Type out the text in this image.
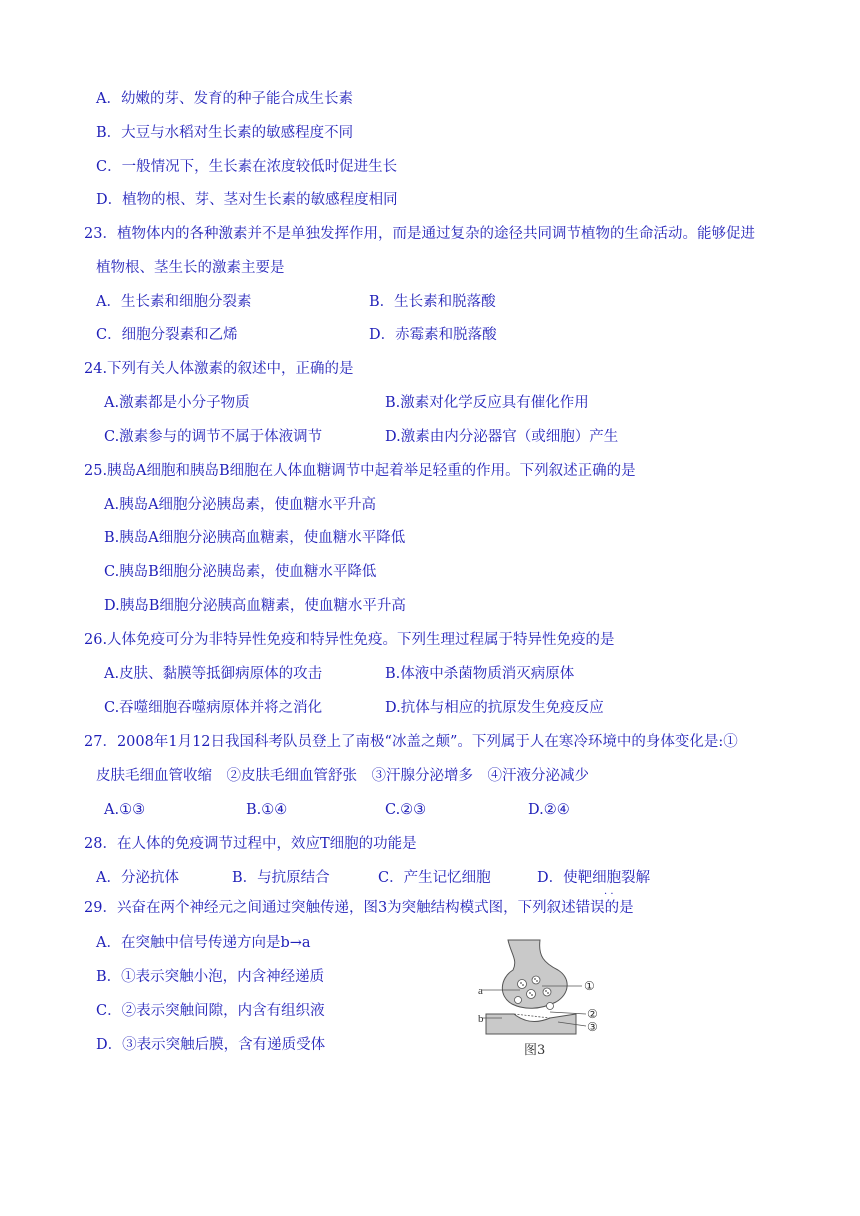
A．幼嫩的芽、发育的种子能合成生长素
B．大豆与水稻对生长素的敏感程度不同
C．一般情况下，生长素在浓度较低时促进生长
D．植物的根、芽、茎对生长素的敏感程度相同
23．植物体内的各种激素并不是单独发挥作用，而是通过复杂的途径共同调节植物的生命活动。能够促进
植物根、茎生长的激素主要是
A．生长素和细胞分裂素	B．生长素和脱落酸
C．细胞分裂素和乙烯	D．赤霉素和脱落酸
24.下列有关人体激素的叙述中，正确的是
A.激素都是小分子物质	B.激素对化学反应具有催化作用
C.激素参与的调节不属于体液调节	D.激素由内分泌器官（或细胞）产生
25.胰岛A细胞和胰岛B细胞在人体血糖调节中起着举足轻重的作用。下列叙述正确的是
A.胰岛A细胞分泌胰岛素，使血糖水平升高
B.胰岛A细胞分泌胰高血糖素，使血糖水平降低
C.胰岛B细胞分泌胰岛素，使血糖水平降低
D.胰岛B细胞分泌胰高血糖素，使血糖水平升高
26.人体免疫可分为非特异性免疫和特异性免疫。下列生理过程属于特异性免疫的是
A.皮肤、黏膜等抵御病原体的攻击	B.体液中杀菌物质消灭病原体
C.吞噬细胞吞噬病原体并将之消化	D.抗体与相应的抗原发生免疫反应
27．2008年1月12日我国科考队员登上了南极“冰盖之颠”。下列属于人在寒冷环境中的身体变化是:①
皮肤毛细血管收缩　②皮肤毛细血管舒张　③汗腺分泌增多　④汗液分泌减少
A.①③	B.①④	C.②③	D.②④
28．在人体的免疫调节过程中，效应T细胞的功能是
A．分泌抗体	B．与抗原结合	C．产生记忆细胞	D．使靶细胞裂解
29．兴奋在两个神经元之间通过突触传递，图3为突触结构模式图，下列叙述错误的是
· ·
A．在突触中信号传递方向是b→a
B．①表示突触小泡，内含神经递质
C．②表示突触间隙，内含有组织液
D．③表示突触后膜，含有递质受体
a
b
①
②
③
图3
